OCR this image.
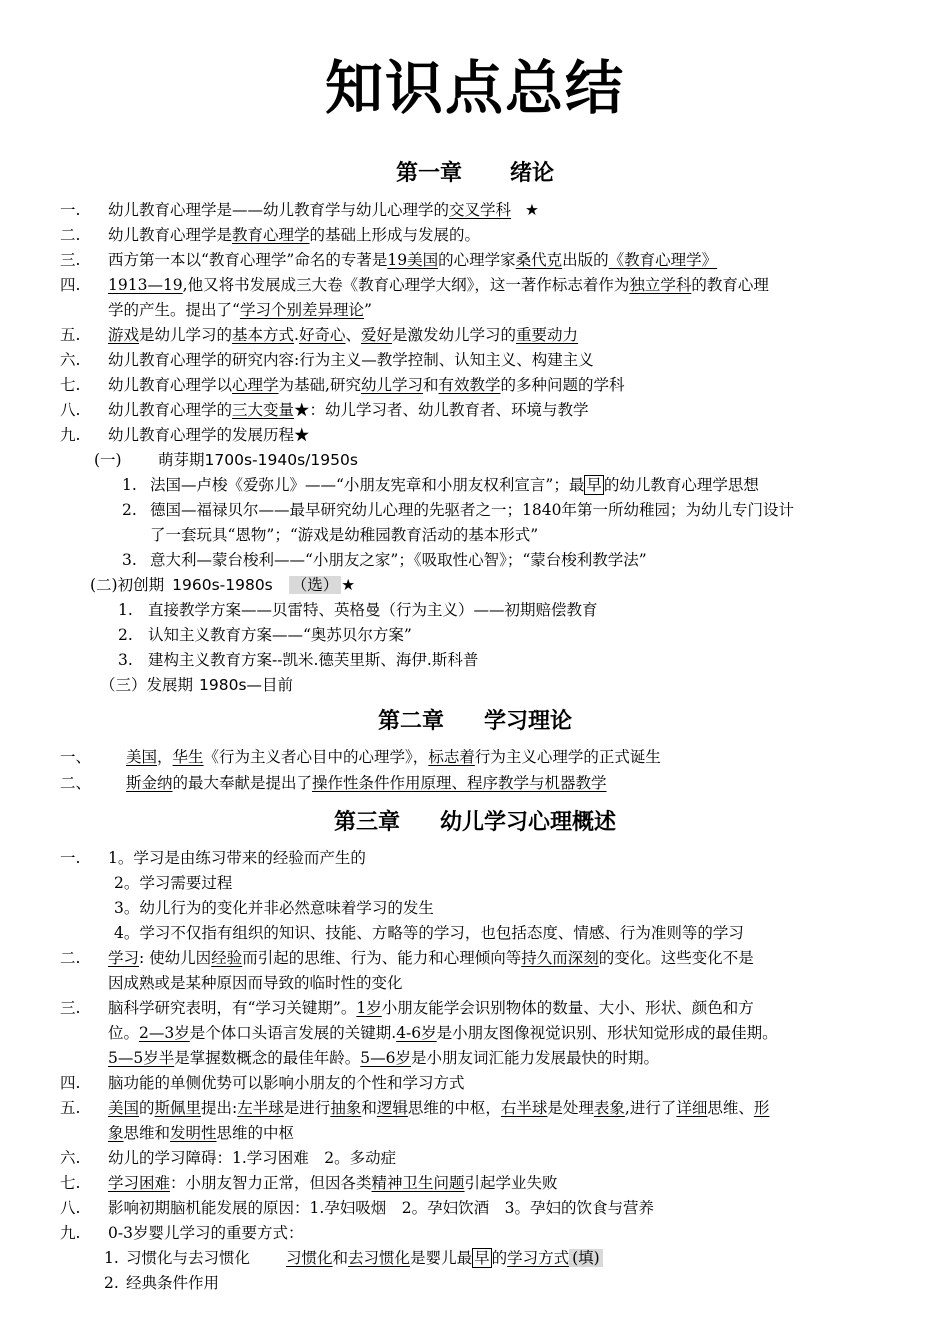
知识点总结
第一章 绪论
一. 幼儿教育心理学是——幼儿教育学与幼儿心理学的交叉学科 ★
二. 幼儿教育心理学是教育心理学的基础上形成与发展的。
三. 西方第一本以“教育心理学”命名的专著是19美国的心理学家桑代克出版的《教育心理学》
四. 1913—19,他又将书发展成三大卷《教育心理学大纲》，这一著作标志着作为独立学科的教育心理
学的产生。提出了“学习个别差异理论”
五. 游戏是幼儿学习的基本方式.好奇心、爱好是激发幼儿学习的重要动力
六. 幼儿教育心理学的研究内容:行为主义—教学控制、认知主义、构建主义
七. 幼儿教育心理学以心理学为基础,研究幼儿学习和有效教学的多种问题的学科
八. 幼儿教育心理学的三大变量★：幼儿学习者、幼儿教育者、环境与教学
九. 幼儿教育心理学的发展历程★
(一) 萌芽期1700s-1940s/1950s
1. 法国—卢梭《爱弥儿》——“小朋友宪章和小朋友权利宣言”；最 早 的幼儿教育心理学思想
2. 德国—福禄贝尔——最早研究幼儿心理的先驱者之一；1840年第一所幼稚园；为幼儿专门设计
了一套玩具“恩物”；“游戏是幼稚园教育活动的基本形式”
3. 意大利—蒙台梭利——“小朋友之家”；《吸取性心智》；“蒙台梭利教学法”
(二)初创期 1960s-1980s （选） ★
1. 直接教学方案——贝雷特、英格曼（行为主义）——初期赔偿教育
2. 认知主义教育方案——“奥苏贝尔方案”
3. 建构主义教育方案--凯米.德芙里斯、海伊.斯科普
（三）发展期 1980s—目前
第二章 学习理论
一、 美国，华生《行为主义者心目中的心理学》，标志着行为主义心理学的正式诞生
二、 斯金纳的最大奉献是提出了操作性条件作用原理、程序教学与机器教学
第三章 幼儿学习心理概述
一. 1。学习是由练习带来的经验而产生的
2。学习需要过程
3。幼儿行为的变化并非必然意味着学习的发生
4。学习不仅指有组织的知识、技能、方略等的学习，也包括态度、情感、行为准则等的学习
二. 学习: 使幼儿因经验而引起的思维、行为、能力和心理倾向等持久而深刻的变化。这些变化不是
因成熟或是某种原因而导致的临时性的变化
三. 脑科学研究表明，有“学习关键期”。1岁小朋友能学会识别物体的数量、大小、形状、颜色和方
位。2—3岁是个体口头语言发展的关键期.4-6岁是小朋友图像视觉识别、形状知觉形成的最佳期。
5—5岁半是掌握数概念的最佳年龄。5—6岁是小朋友词汇能力发展最快的时期。
四. 脑功能的单侧优势可以影响小朋友的个性和学习方式
五. 美国的斯佩里提出:左半球是进行抽象和逻辑思维的中枢，右半球是处理表象,进行了详细思维、形
象思维和发明性思维的中枢
六. 幼儿的学习障碍：1.学习困难　2。多动症
七. 学习困难：小朋友智力正常，但因各类精神卫生问题引起学业失败
八. 影响初期脑机能发展的原因：1.孕妇吸烟　2。孕妇饮酒　3。孕妇的饮食与营养
九. 0-3岁婴儿学习的重要方式：
1. 习惯化与去习惯化 习惯化和去习惯化是婴儿最 早 的学习方式 (填)
2. 经典条件作用
